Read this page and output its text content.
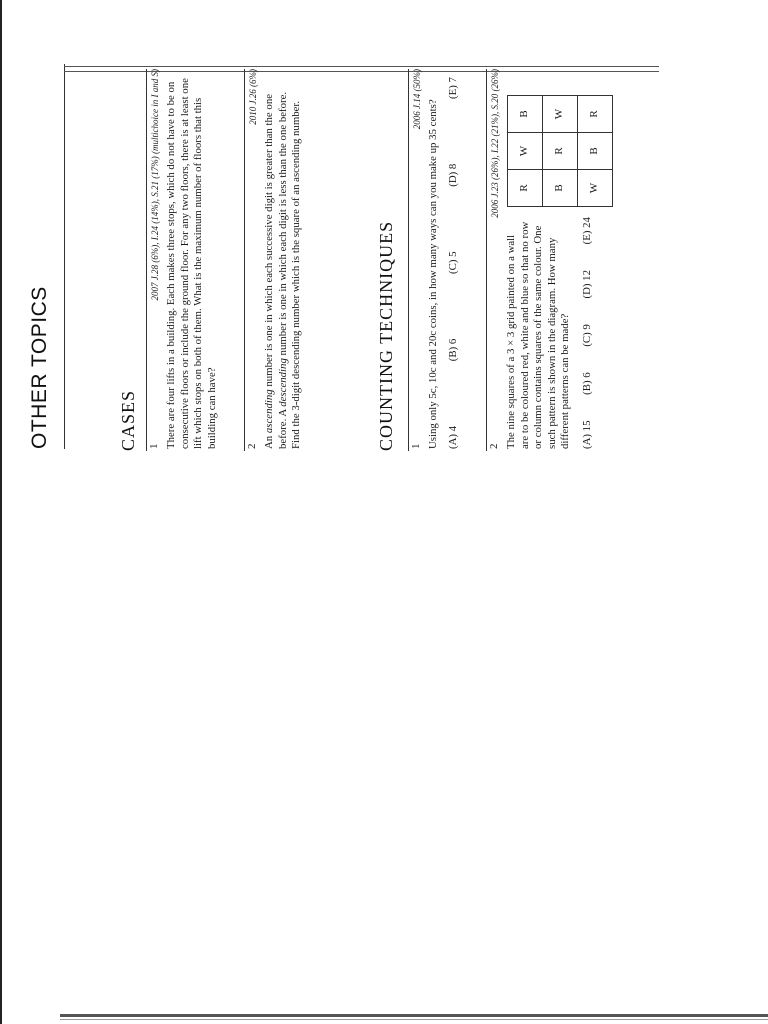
OTHER TOPICS	CASES 1
2007 J.28 (6%), I.24 (14%), S.21 (17%) (multichoice in I and S) There are four lifts in a building. Each makes three stops, which do not have to be on consecutive floors or include the ground floor. For any two floors, there is at least one lift which stops on both of them. What is the maximum number of floors that this building can have?	2
2010 J.26 (6%)

An ascending number is one in which each successive digit is greater than the one before. A descending number is one in which each digit is less than the one before. Find the 3-digit descending number which is the square of an ascending number.	COUNTING TECHNIQUES 1
2006 J.14 (50%)

Using only 5c, 10c and 20c coins, in how many ways can you make up 35 cents? (A) 4
(B) 6
(C) 5
(D) 8
(E) 7
2
2006 J.23 (26%), I.22 (21%), S.20 (26%)

The nine squares of a 3 × 3 grid painted on a wall are to be coloured red, white and blue so that no row or column contains squares of the same colour. One such pattern is shown in the diagram. How many different patterns can be made? (A) 15
(B) 6
(C) 9
(D) 12
(E) 24
R	W	B
B	R	W
W	B	R
